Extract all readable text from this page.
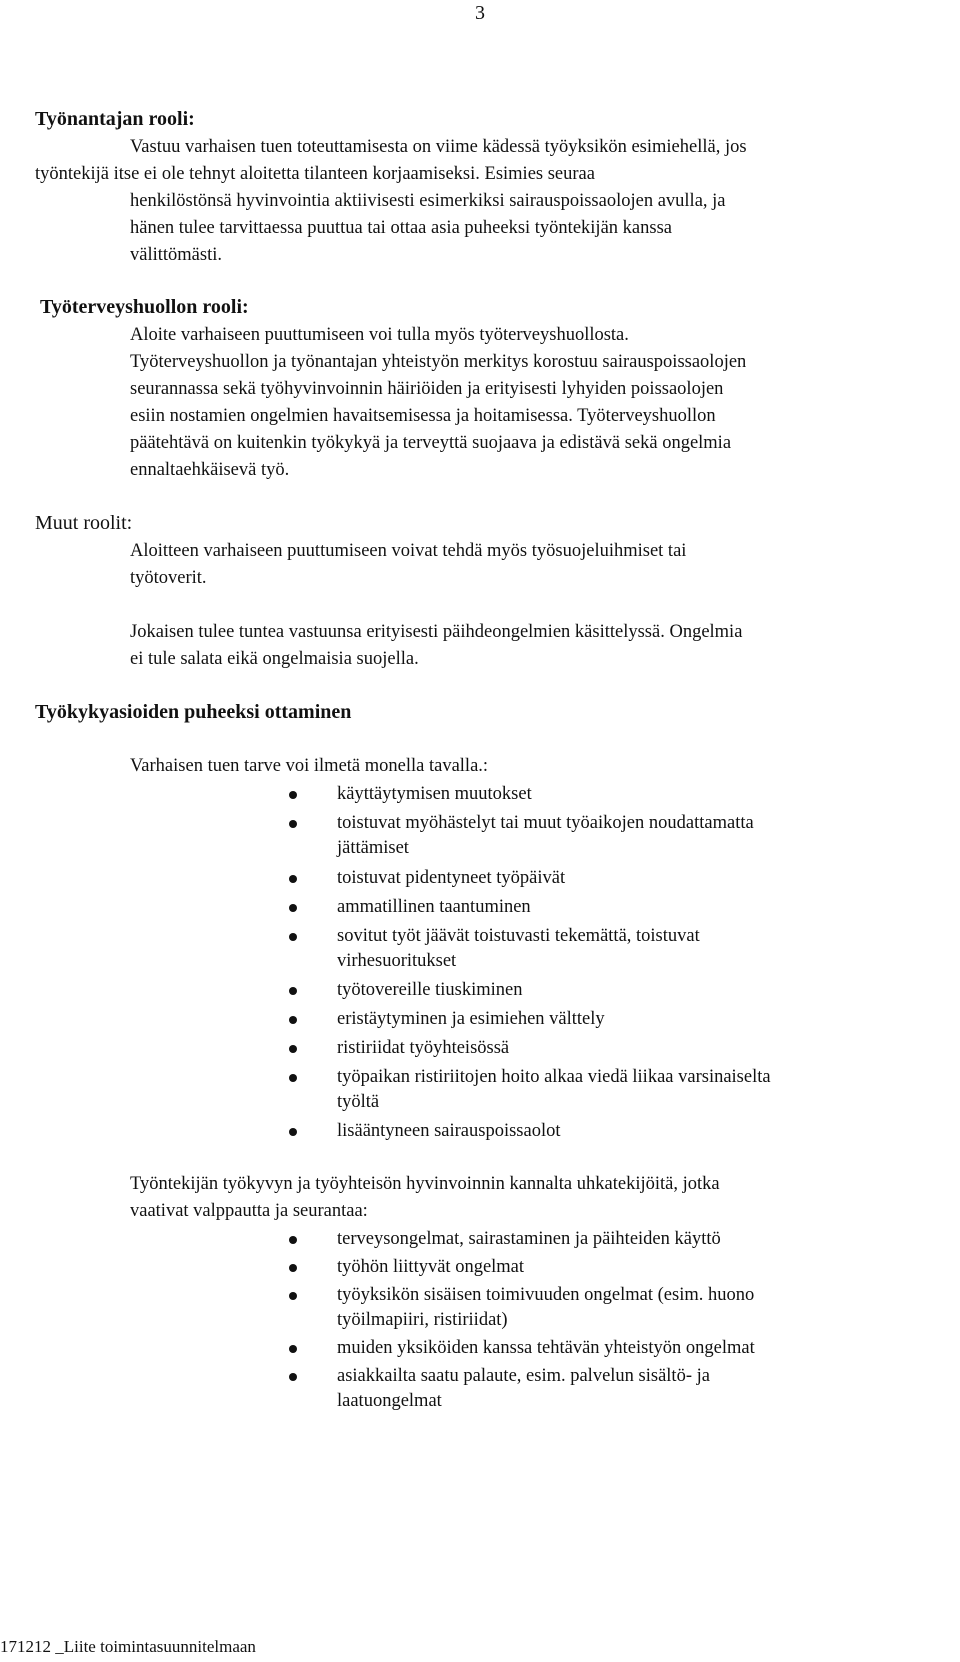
3
Työnantajan rooli:
Vastuu varhaisen tuen toteuttamisesta on viime kädessä työyksikön esimiehellä, jos
työntekijä itse ei ole tehnyt aloitetta tilanteen korjaamiseksi. Esimies seuraa
henkilöstönsä hyvinvointia aktiivisesti esimerkiksi sairauspoissaolojen avulla, ja
hänen tulee tarvittaessa puuttua tai ottaa asia puheeksi työntekijän kanssa
välittömästi.
Työterveyshuollon rooli:
Aloite varhaiseen puuttumiseen voi tulla myös työterveyshuollosta.
Työterveyshuollon ja työnantajan yhteistyön merkitys korostuu sairauspoissaolojen
seurannassa sekä työhyvinvoinnin häiriöiden ja erityisesti lyhyiden poissaolojen
esiin nostamien ongelmien havaitsemisessa ja hoitamisessa. Työterveyshuollon
päätehtävä on kuitenkin työkykyä ja terveyttä suojaava ja edistävä sekä ongelmia
ennaltaehkäisevä työ.
Muut roolit:
Aloitteen varhaiseen puuttumiseen voivat tehdä myös työsuojeluihmiset tai
työtoverit.
Jokaisen tulee tuntea vastuunsa erityisesti päihdeongelmien käsittelyssä. Ongelmia
ei tule salata eikä ongelmaisia suojella.
Työkykyasioiden puheeksi ottaminen
Varhaisen tuen tarve voi ilmetä monella tavalla.:
käyttäytymisen muutokset
toistuvat myöhästelyt tai muut työaikojen noudattamatta
jättämiset
toistuvat pidentyneet työpäivät
ammatillinen taantuminen
sovitut työt jäävät toistuvasti tekemättä, toistuvat
virhesuoritukset
työtovereille tiuskiminen
eristäytyminen ja esimiehen välttely
ristiriidat työyhteisössä
työpaikan ristiriitojen hoito alkaa viedä liikaa varsinaiselta
työltä
lisääntyneen sairauspoissaolot
Työntekijän työkyvyn ja työyhteisön hyvinvoinnin kannalta uhkatekijöitä, jotka
vaativat valppautta ja seurantaa:
terveysongelmat, sairastaminen ja päihteiden käyttö
työhön liittyvät ongelmat
työyksikön sisäisen toimivuuden ongelmat (esim. huono
työilmapiiri, ristiriidat)
muiden yksiköiden kanssa tehtävän yhteistyön ongelmat
asiakkailta saatu palaute, esim. palvelun sisältö- ja
laatuongelmat
171212 _Liite toimintasuunnitelmaan
